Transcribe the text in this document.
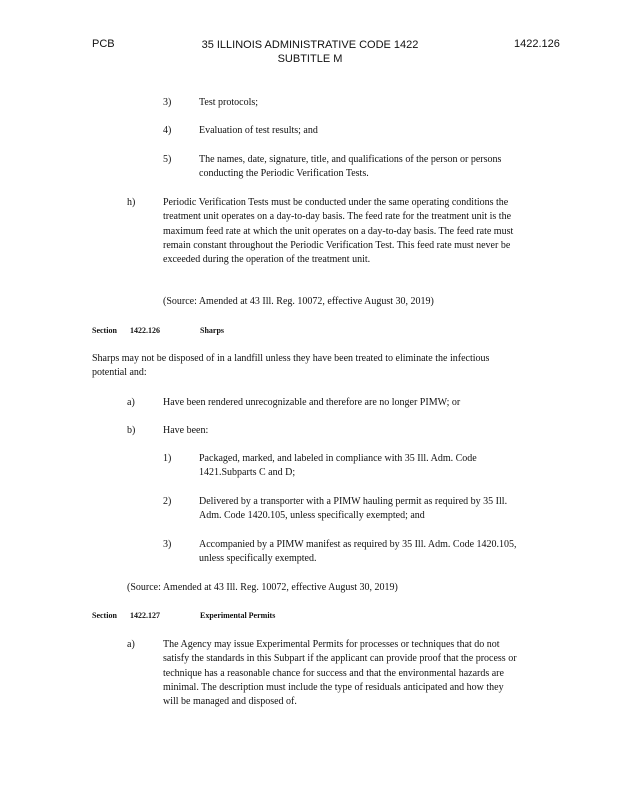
PCB	35 ILLINOIS ADMINISTRATIVE CODE 1422
SUBTITLE M
1422.126
3)	Test protocols;
4)	Evaluation of test results; and
5)	The names, date, signature, title, and qualifications of the person or persons conducting the Periodic Verification Tests.
h)	Periodic Verification Tests must be conducted under the same operating conditions the treatment unit operates on a day-to-day basis. The feed rate for the treatment unit is the maximum feed rate at which the unit operates on a day-to-day basis. The feed rate must remain constant throughout the Periodic Verification Test. This feed rate must never be exceeded during the operation of the treatment unit.
(Source: Amended at 43 Ill. Reg. 10072, effective August 30, 2019)
Section 1422.126	Sharps
Sharps may not be disposed of in a landfill unless they have been treated to eliminate the infectious potential and:
a)	Have been rendered unrecognizable and therefore are no longer PIMW; or
b)	Have been:
1)	Packaged, marked, and labeled in compliance with 35 Ill. Adm. Code 1421.Subparts C and D;
2)	Delivered by a transporter with a PIMW hauling permit as required by 35 Ill. Adm. Code 1420.105, unless specifically exempted; and
3)	Accompanied by a PIMW manifest as required by 35 Ill. Adm. Code 1420.105, unless specifically exempted.
(Source: Amended at 43 Ill. Reg. 10072, effective August 30, 2019)
Section 1422.127	Experimental Permits
a)	The Agency may issue Experimental Permits for processes or techniques that do not satisfy the standards in this Subpart if the applicant can provide proof that the process or technique has a reasonable chance for success and that the environmental hazards are minimal. The description must include the type of residuals anticipated and how they will be managed and disposed of.
